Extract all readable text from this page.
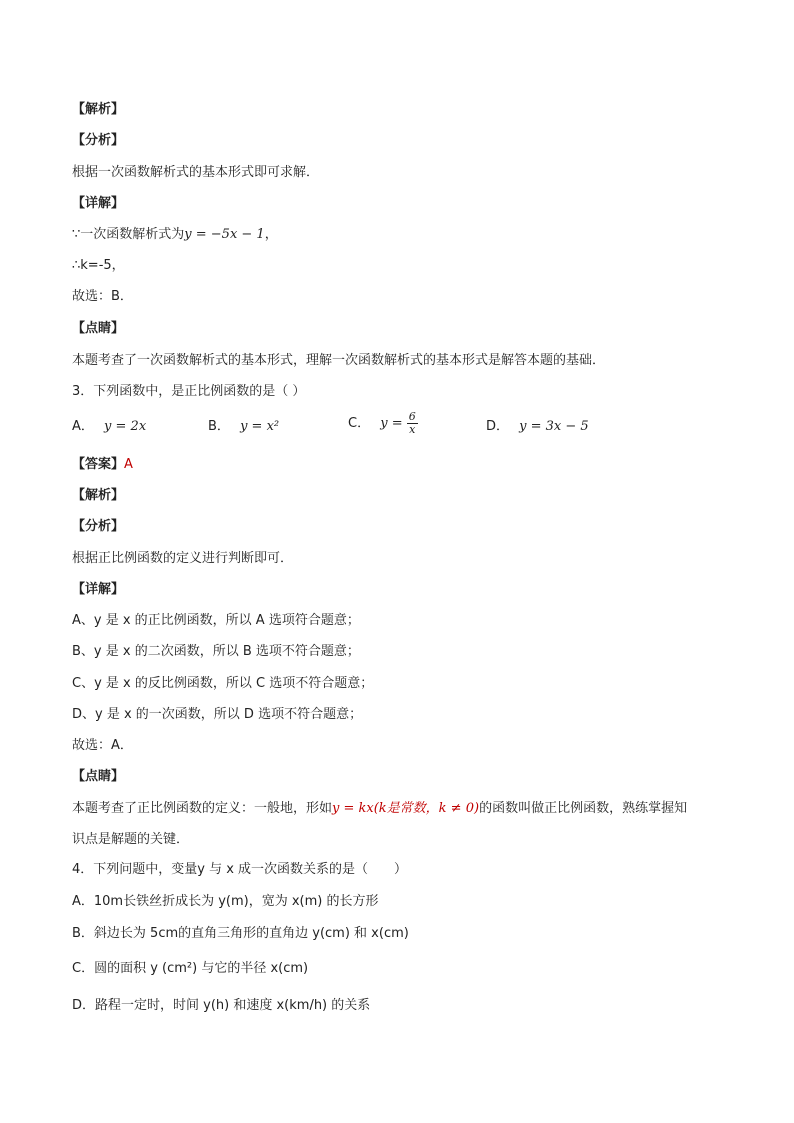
【解析】
【分析】
根据一次函数解析式的基本形式即可求解．
【详解】
∵一次函数解析式为y = −5x − 1，
∴k=-5，
故选：B．
【点睛】
本题考查了一次函数解析式的基本形式，理解一次函数解析式的基本形式是解答本题的基础．
3．下列函数中，是正比例函数的是（ ）
A． y = 2x	B． y = x²	C． $y = \frac{6}{x}$	D． y = 3x − 5
【答案】A
【解析】
【分析】
根据正比例函数的定义进行判断即可．
【详解】
A、y 是 x 的正比例函数，所以 A 选项符合题意；
B、y 是 x 的二次函数，所以 B 选项不符合题意；
C、y 是 x 的反比例函数，所以 C 选项不符合题意；
D、y 是 x 的一次函数，所以 D 选项不符合题意；
故选：A．
【点睛】
本题考查了正比例函数的定义：一般地，形如y = kx(k是常数，k ≠ 0)的函数叫做正比例函数，熟练掌握知
识点是解题的关键．
4．下列问题中，变量y 与 x 成一次函数关系的是（　　）
A．10m长铁丝折成长为 y(m)，宽为 x(m) 的长方形
B．斜边长为 5cm的直角三角形的直角边 y(cm) 和 x(cm)
C．圆的面积 y (cm²) 与它的半径 x(cm)
D．路程一定时，时间 y(h) 和速度 x(km/h) 的关系
